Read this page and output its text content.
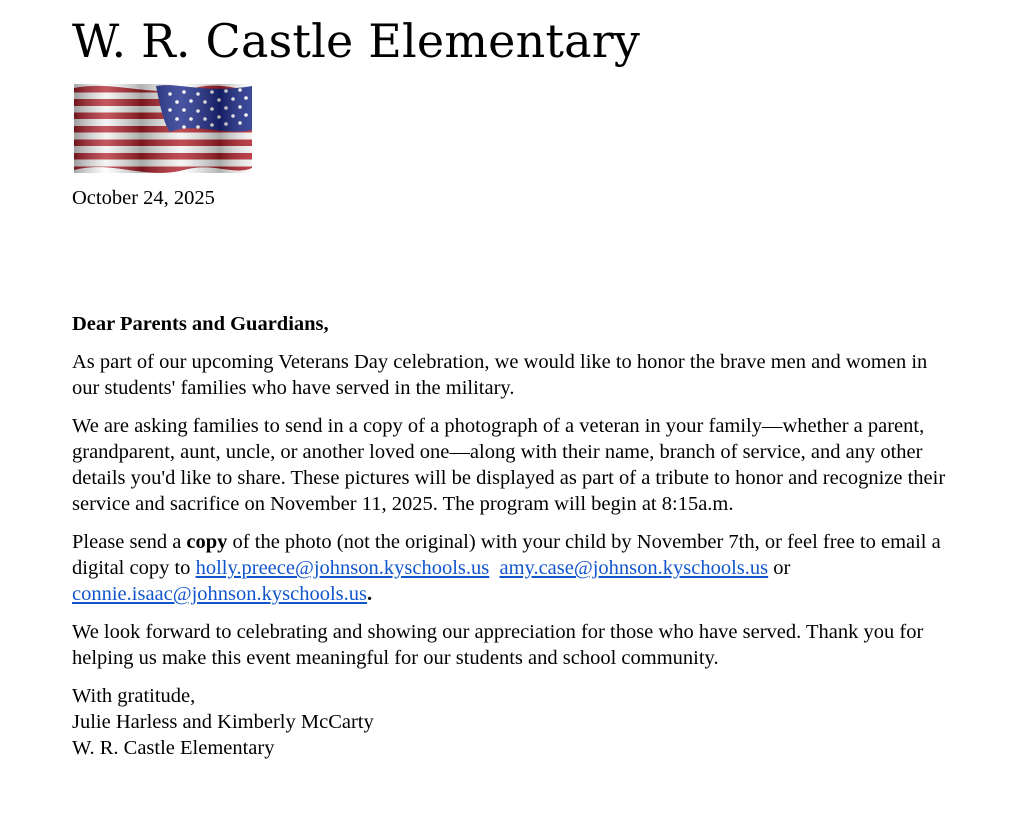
W. R. Castle Elementary

October 24, 2025

Dear Parents and Guardians,

As part of our upcoming Veterans Day celebration, we would like to honor the brave men and women in our students' families who have served in the military.

We are asking families to send in a copy of a photograph of a veteran in your family—whether a parent, grandparent, aunt, uncle, or another loved one—along with their name, branch of service, and any other details you'd like to share. These pictures will be displayed as part of a tribute to honor and recognize their service and sacrifice on November 11, 2025. The program will begin at 8:15a.m.

Please send a copy of the photo (not the original) with your child by November 7th, or feel free to email a digital copy to holly.preece@johnson.kyschools.us amy.case@johnson.kyschools.us or connie.isaac@johnson.kyschools.us.

We look forward to celebrating and showing our appreciation for those who have served. Thank you for helping us make this event meaningful for our students and school community.

With gratitude,

Julie Harless and Kimberly McCarty

W. R. Castle Elementary
